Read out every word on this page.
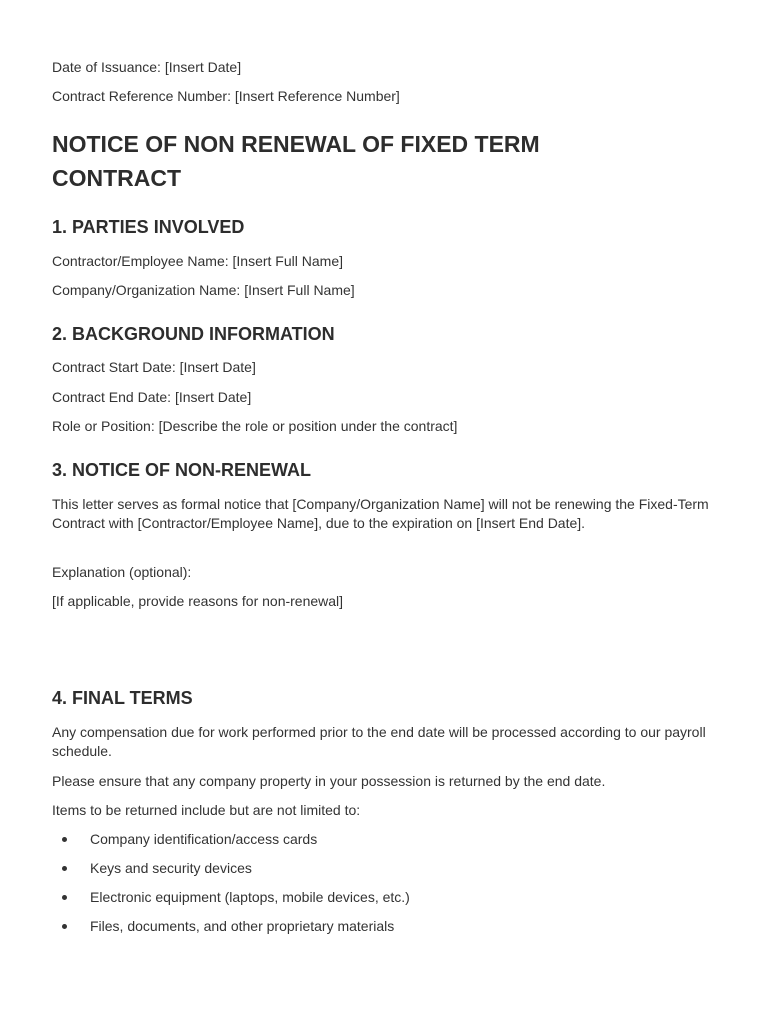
Date of Issuance: [Insert Date]
Contract Reference Number: [Insert Reference Number]
NOTICE OF NON RENEWAL OF FIXED TERM CONTRACT
1. PARTIES INVOLVED
Contractor/Employee Name: [Insert Full Name]
Company/Organization Name: [Insert Full Name]
2. BACKGROUND INFORMATION
Contract Start Date: [Insert Date]
Contract End Date: [Insert Date]
Role or Position: [Describe the role or position under the contract]
3. NOTICE OF NON-RENEWAL
This letter serves as formal notice that [Company/Organization Name] will not be renewing the Fixed-Term Contract with [Contractor/Employee Name], due to the expiration on [Insert End Date].
Explanation (optional):
[If applicable, provide reasons for non-renewal]
4. FINAL TERMS
Any compensation due for work performed prior to the end date will be processed according to our payroll schedule.
Please ensure that any company property in your possession is returned by the end date.
Items to be returned include but are not limited to:
Company identification/access cards
Keys and security devices
Electronic equipment (laptops, mobile devices, etc.)
Files, documents, and other proprietary materials
